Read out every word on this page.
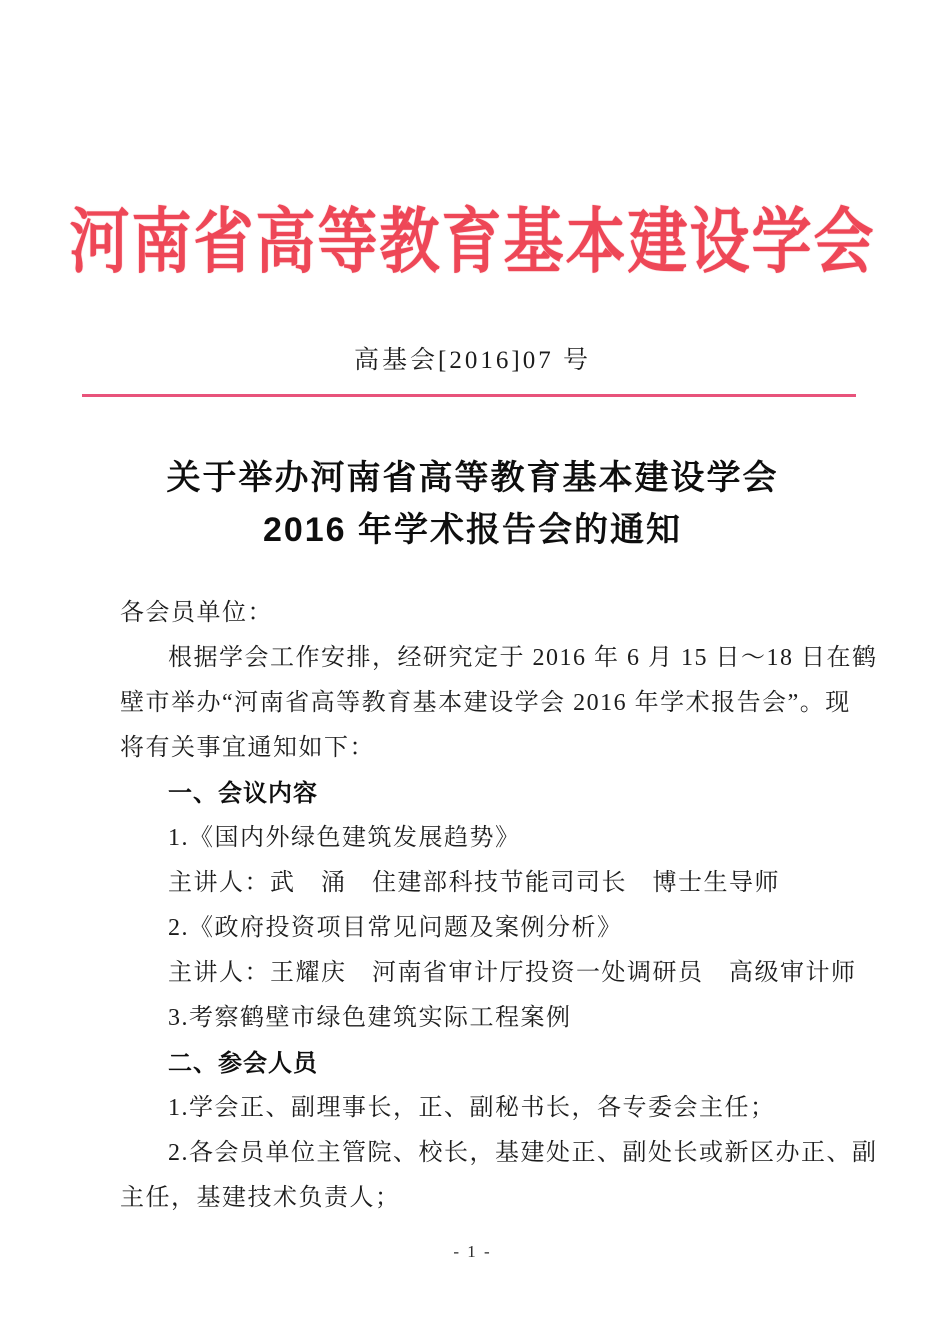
河南省高等教育基本建设学会
高基会[2016]07 号
关于举办河南省高等教育基本建设学会
2016 年学术报告会的通知
各会员单位：
根据学会工作安排，经研究定于 2016 年 6 月 15 日～18 日在鹤
壁市举办“河南省高等教育基本建设学会 2016 年学术报告会”。现
将有关事宜通知如下：
一、会议内容
1.《国内外绿色建筑发展趋势》
主讲人：武　涌　住建部科技节能司司长　博士生导师
2.《政府投资项目常见问题及案例分析》
主讲人：王耀庆　河南省审计厅投资一处调研员　高级审计师
3.考察鹤壁市绿色建筑实际工程案例
二、参会人员
1.学会正、副理事长，正、副秘书长，各专委会主任；
2.各会员单位主管院、校长，基建处正、副处长或新区办正、副
主任，基建技术负责人；
- 1 -
